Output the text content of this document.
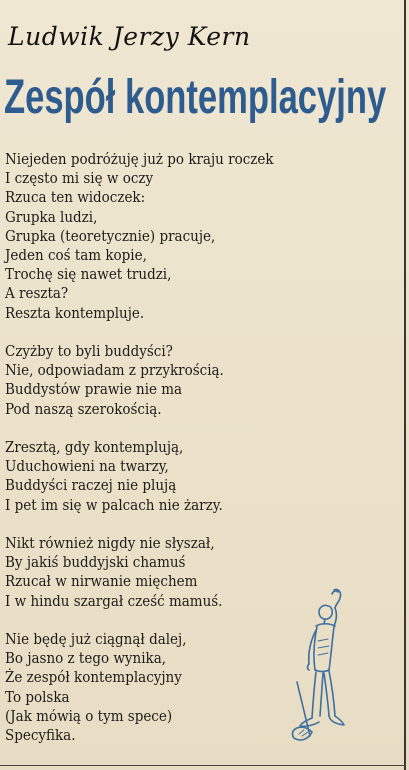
Ludwik Jerzy Kern
Zespół kontemplacyjny
Niejeden podróżuję już po kraju roczek
I często mi się w oczy
Rzuca ten widoczek:
Grupka ludzi,
Grupka (teoretycznie) pracuje,
Jeden coś tam kopie,
Trochę się nawet trudzi,
A reszta?
Reszta kontempluje.
Czyżby to byli buddyści?
Nie, odpowiadam z przykrością.
Buddystów prawie nie ma
Pod naszą szerokością.
Zresztą, gdy kontemplują,
Uduchowieni na twarzy,
Buddyści raczej nie plują
I pet im się w palcach nie żarzy.
Nikt również nigdy nie słyszał,
By jakiś buddyjski chamuś
Rzucał w nirwanie mięchem
I w hindu szargał cześć mamuś.
Nie będę już ciągnął dalej,
Bo jasno z tego wynika,
Że zespół kontemplacyjny
To polska
(Jak mówią o tym spece)
Specyfika.
